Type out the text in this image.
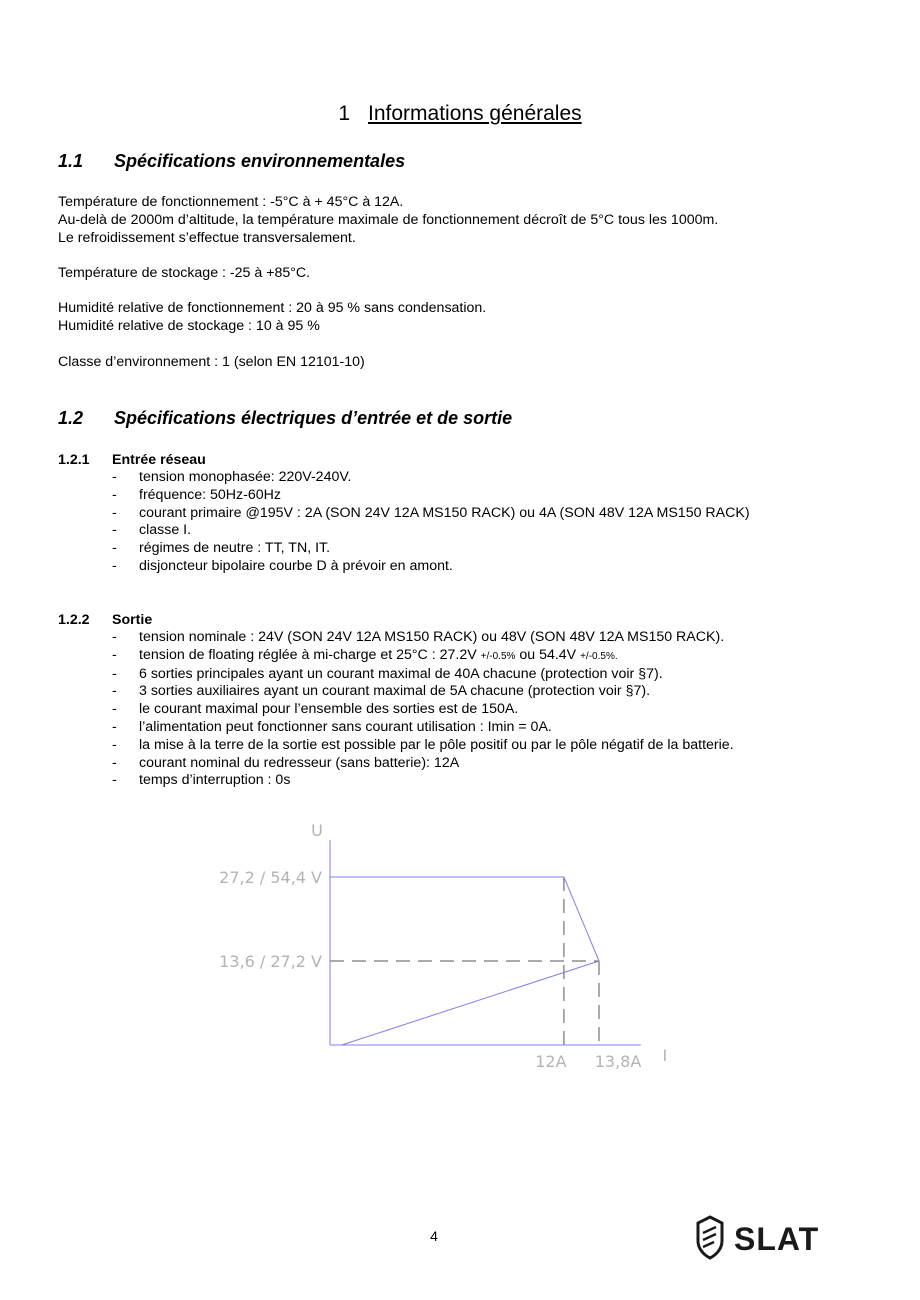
1 Informations générales
1.1 Spécifications environnementales
Température de fonctionnement : -5°C à + 45°C à 12A.
Au-delà de 2000m d’altitude, la température maximale de fonctionnement décroît de 5°C tous les 1000m.
Le refroidissement s’effectue transversalement.
Température de stockage : -25 à +85°C.
Humidité relative de fonctionnement : 20 à 95 % sans condensation.
Humidité relative de stockage : 10 à 95 %
Classe d’environnement : 1 (selon EN 12101-10)
1.2 Spécifications électriques d’entrée et de sortie
1.2.1 Entrée réseau
- tension monophasée: 220V-240V.
- fréquence: 50Hz-60Hz
- courant primaire @195V : 2A (SON 24V 12A MS150 RACK) ou 4A (SON 48V 12A MS150 RACK)
- classe I.
- régimes de neutre : TT, TN, IT.
- disjoncteur bipolaire courbe D à prévoir en amont.
1.2.2 Sortie
- tension nominale : 24V (SON 24V 12A MS150 RACK) ou 48V (SON 48V 12A MS150 RACK).
- tension de floating réglée à mi-charge et 25°C : 27.2V +/-0.5% ou 54.4V +/-0.5%.
- 6 sorties principales ayant un courant maximal de 40A chacune (protection voir §7).
- 3 sorties auxiliaires ayant un courant maximal de 5A chacune (protection voir §7).
- le courant maximal pour l’ensemble des sorties est de 150A.
- l’alimentation peut fonctionner sans courant utilisation : Imin = 0A.
- la mise à la terre de la sortie est possible par le pôle positif ou par le pôle négatif de la batterie.
- courant nominal du redresseur (sans batterie): 12A
- temps d’interruption : 0s
13,6 / 27,2 V
27,2 / 54,4 V
12A 13,8A
U
I
4	SLAT
